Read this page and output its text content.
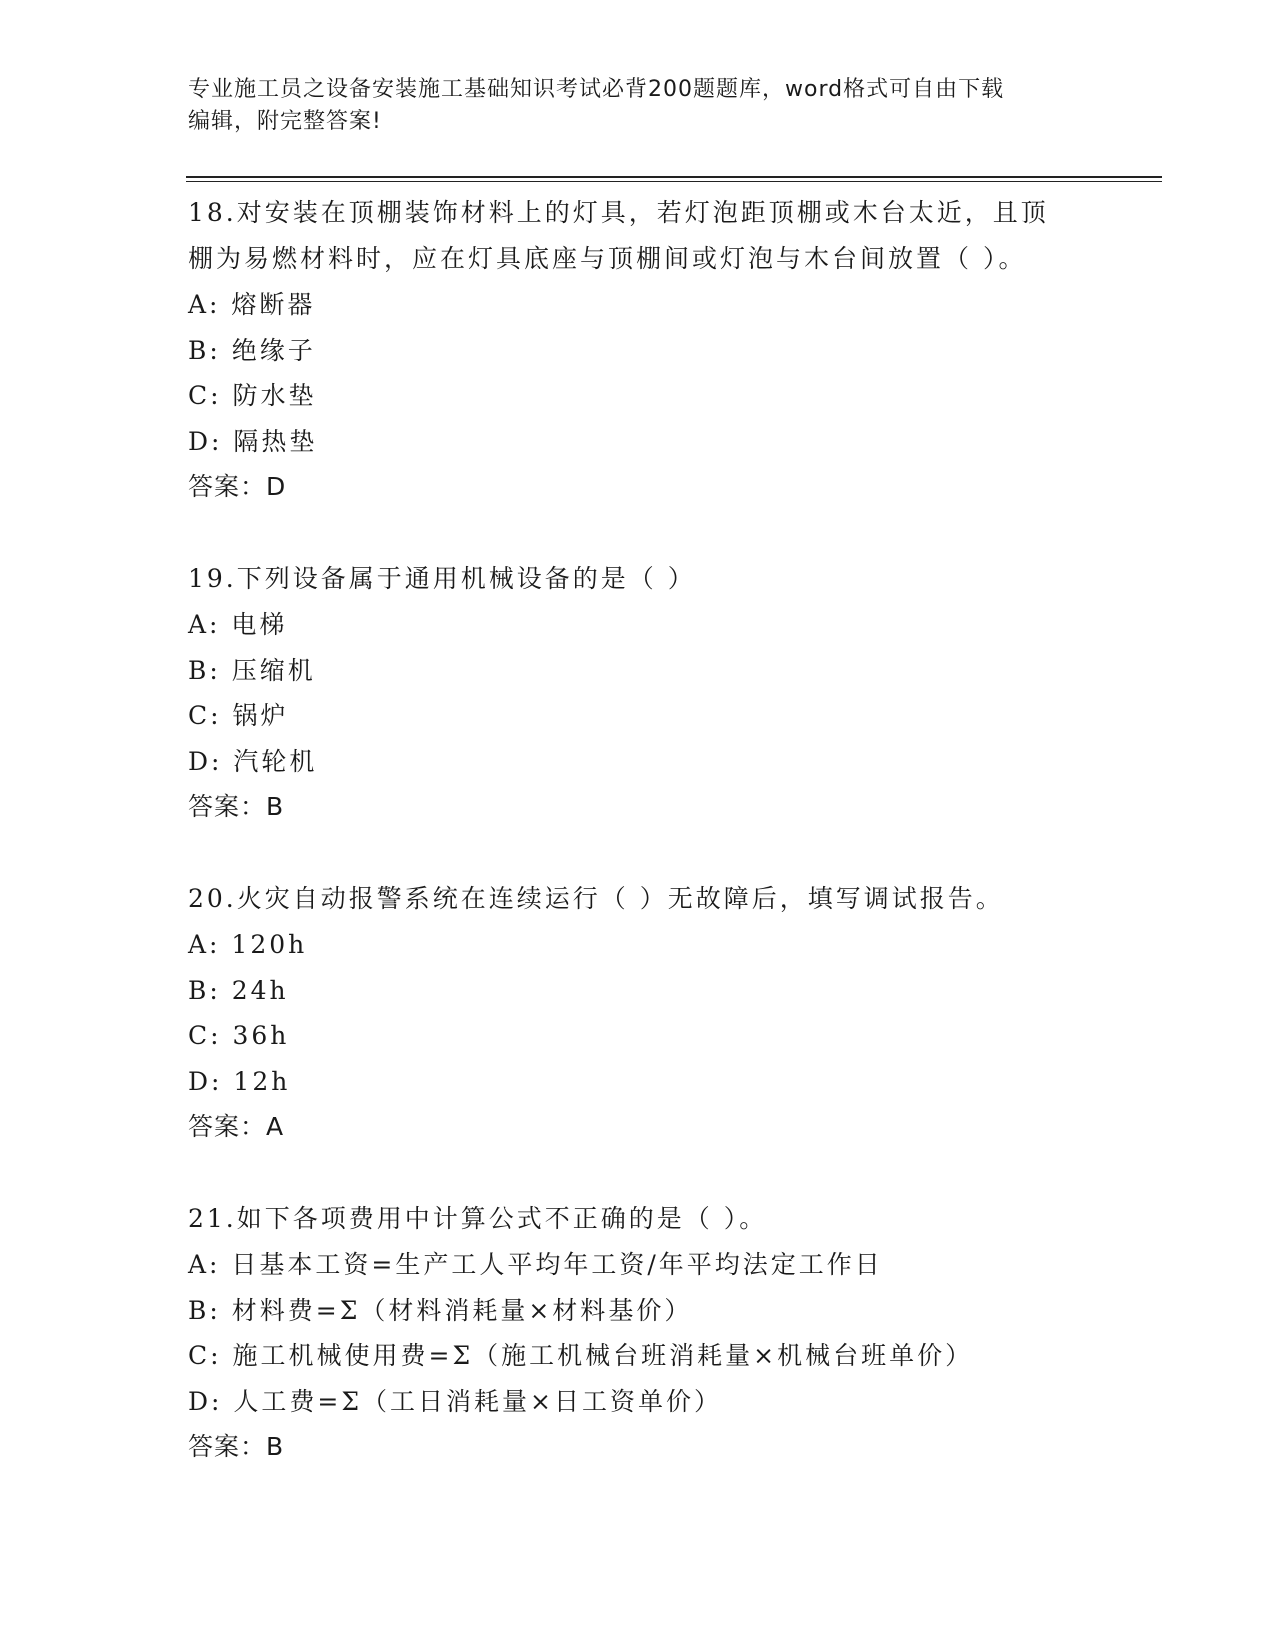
专业施工员之设备安装施工基础知识考试必背200题题库，word格式可自由下载
编辑，附完整答案!
18.对安装在顶棚装饰材料上的灯具，若灯泡距顶棚或木台太近，且顶
棚为易燃材料时，应在灯具底座与顶棚间或灯泡与木台间放置（ ）。
A: 熔断器
B: 绝缘子
C: 防水垫
D: 隔热垫
答案：D
19.下列设备属于通用机械设备的是（ ）
A: 电梯
B: 压缩机
C: 锅炉
D: 汽轮机
答案：B
20.火灾自动报警系统在连续运行（ ）无故障后，填写调试报告。
A: 120h
B: 24h
C: 36h
D: 12h
答案：A
21.如下各项费用中计算公式不正确的是（ ）。
A: 日基本工资=生产工人平均年工资/年平均法定工作日
B: 材料费=Σ（材料消耗量×材料基价）
C: 施工机械使用费=Σ（施工机械台班消耗量×机械台班单价）
D: 人工费=Σ（工日消耗量×日工资单价）
答案：B
